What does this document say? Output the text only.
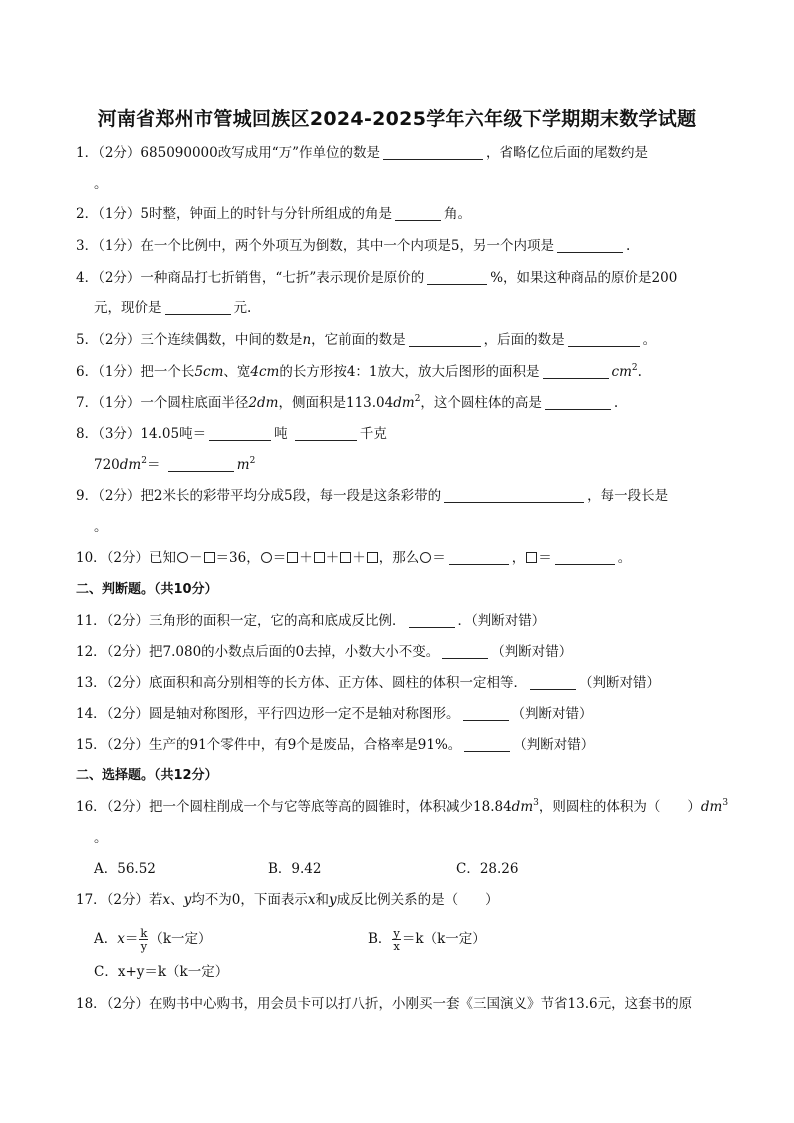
河南省郑州市管城回族区2024-2025学年六年级下学期期末数学试题
1．（2分）685090000改写成用“万”作单位的数是	，省略亿位后面的尾数约是
。
2．（1分）5时整，钟面上的时针与分针所组成的角是	角。
3．（1分）在一个比例中，两个外项互为倒数，其中一个内项是5，另一个内项是	.
4．（2分）一种商品打七折销售，“七折”表示现价是原价的	%，如果这种商品的原价是200
元，现价是	元.
5．（2分）三个连续偶数，中间的数是n，它前面的数是	，后面的数是	。
6．（1分）把一个长5cm、宽4cm的长方形按4：1放大，放大后图形的面积是	$cm^2$.
7．（1分）一个圆柱底面半径2dm，侧面积是$113.04dm^2$，这个圆柱体的高是	.
8．（3分）14.05吨＝	吨	千克
$720dm^2=$	$m^2$
9．（2分）把2米长的彩带平均分成5段，每一段是这条彩带的	，每一段长是
。
10．（2分）已知 － ＝36， ＝ ＋ ＋ ＋ ，那么 ＝	， ＝	。
二、判断题。（共10分）
11．（2分）三角形的面积一定，它的高和底成反比例．	．（判断对错）
12．（2分）把7.080的小数点后面的0去掉，小数大小不变。	（判断对错）
13．（2分）底面积和高分别相等的长方体、正方体、圆柱的体积一定相等．	（判断对错）
14．（2分）圆是轴对称图形，平行四边形一定不是轴对称图形。	（判断对错）
15．（2分）生产的91个零件中，有9个是废品，合格率是91%。	（判断对错）
二、选择题。（共12分）
16．（2分）把一个圆柱削成一个与它等底等高的圆锥时，体积减少$18.84dm^3$，则圆柱的体积为（　　）$dm^3$
。
A．56.52	B．9.42	C．28.26
17．（2分）若x、y均不为0，下面表示x和y成反比例关系的是（　　）
A．$x= \frac{k}{y} (k$一定）	B． $\frac{y}{x} =k(k$一定）
C．x+y＝k（k一定）
18．（2分）在购书中心购书，用会员卡可以打八折，小刚买一套《三国演义》节省13.6元，这套书的原
